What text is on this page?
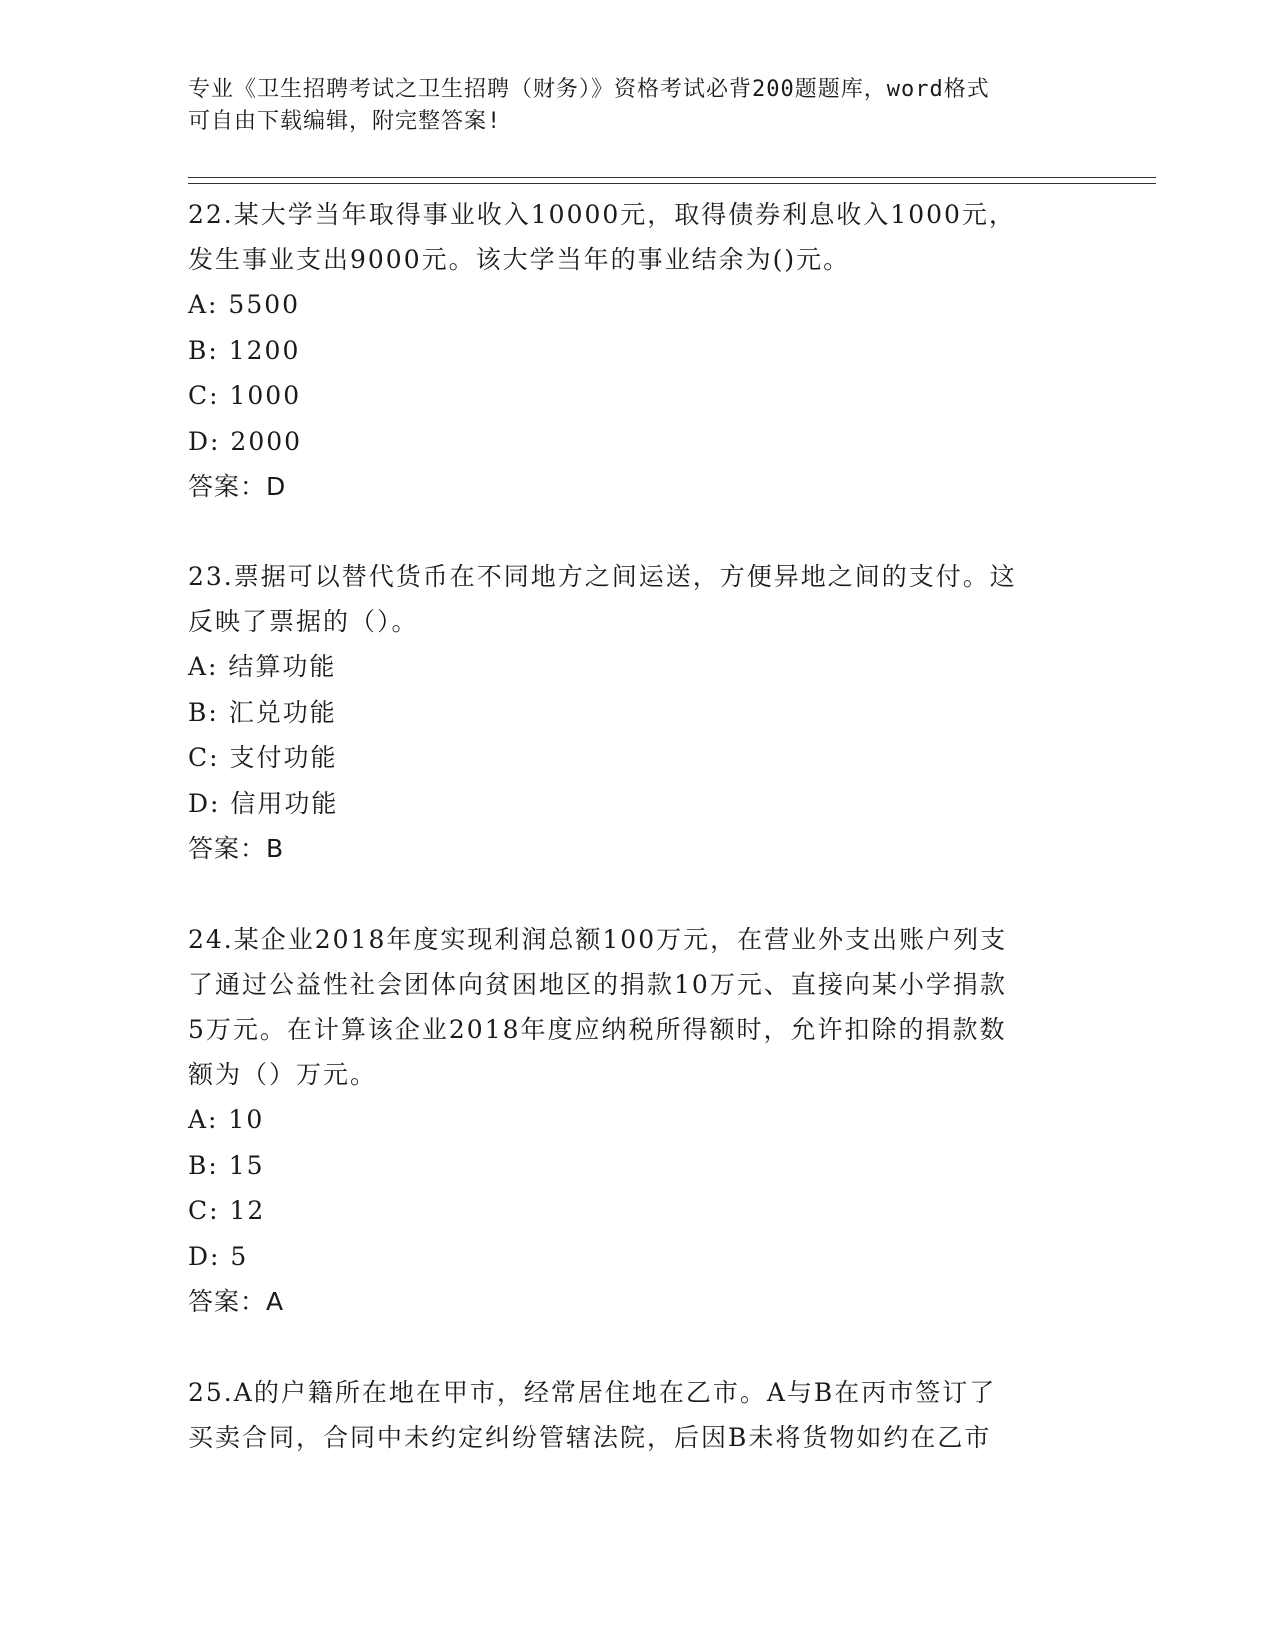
专业《卫生招聘考试之卫生招聘（财务）》资格考试必背200题题库，word格式
可自由下载编辑，附完整答案!
22.某大学当年取得事业收入10000元，取得债券利息收入1000元，
发生事业支出9000元。该大学当年的事业结余为()元。
A: 5500
B: 1200
C: 1000
D: 2000
答案：D
23.票据可以替代货币在不同地方之间运送，方便异地之间的支付。这
反映了票据的（）。
A: 结算功能
B: 汇兑功能
C: 支付功能
D: 信用功能
答案：B
24.某企业2018年度实现利润总额100万元，在营业外支出账户列支
了通过公益性社会团体向贫困地区的捐款10万元、直接向某小学捐款
5万元。在计算该企业2018年度应纳税所得额时，允许扣除的捐款数
额为（）万元。
A: 10
B: 15
C: 12
D: 5
答案：A
25.A的户籍所在地在甲市，经常居住地在乙市。A与B在丙市签订了
买卖合同，合同中未约定纠纷管辖法院，后因B未将货物如约在乙市
